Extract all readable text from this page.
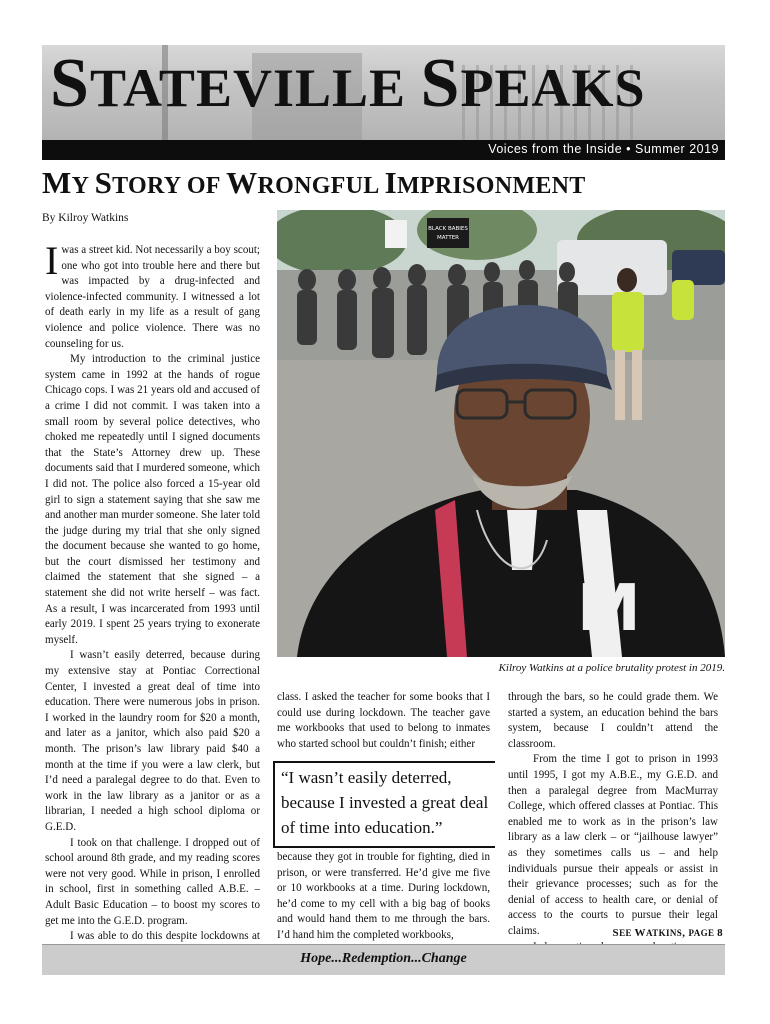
STATEVILLE SPEAKS
Voices from the Inside • Summer 2019
MY STORY OF WRONGFUL IMPRISONMENT
By Kilroy Watkins

Iwas a street kid. Not necessarily a boy scout; one who got into trouble here and there but was impacted by a drug-infected and violence-infected community. I witnessed a lot of death early in my life as a result of gang violence and police violence. There was no counseling for us.

My introduction to the criminal justice system came in 1992 at the hands of rogue Chicago cops. I was 21 years old and accused of a crime I did not commit. I was taken into a small room by several police detectives, who choked me repeatedly until I signed documents that the State’s Attorney drew up. These documents said that I murdered someone, which I did not. The police also forced a 15-year old girl to sign a statement saying that she saw me and another man murder someone. She later told the judge during my trial that she only signed the document because she wanted to go home, but the court dismissed her testimony and claimed the statement that she signed – a statement she did not write herself – was fact. As a result, I was incarcerated from 1993 until early 2019. I spent 25 years trying to exonerate myself.

I wasn’t easily deterred, because during my extensive stay at Pontiac Correctional Center, I invested a great deal of time into education. There were numerous jobs in prison. I worked in the laundry room for $20 a month, and later as a janitor, which also paid $20 a month. The prison’s law library paid $40 a month at the time if you were a law clerk, but I’d need a paralegal degree to do that. Even to work in the law library as a janitor or as a librarian, I needed a high school diploma or G.E.D.

I took on that challenge. I dropped out of school around 8th grade, and my reading scores were not very good. While in prison, I enrolled in school, first in something called A.B.E. – Adult Basic Education – to boost my scores to get me into the G.E.D. program.

I was able to do this despite lockdowns at

BLACK BABIES
MATTER
M
Kilroy Watkins at a police brutality protest in 2019.

class. I asked the teacher for some books that I could use during lockdown. The teacher gave me workbooks that used to belong to inmates who started school but couldn’t finish; either

“I wasn’t easily deterred, because I invested a great deal of time into education.”

because they got in trouble for fighting, died in prison, or were transferred. He’d give me five or 10 workbooks at a time. During lockdown, he’d come to my cell with a big bag of books and would hand them to me through the bars. I’d hand him the completed workbooks,

through the bars, so he could grade them. We started a system, an education behind the bars system, because I couldn’t attend the classroom.

From the time I got to prison in 1993 until 1995, I got my A.B.E., my G.E.D. and then a paralegal degree from MacMurray College, which offered classes at Pontiac. This enabled me to work as in the prison’s law library as a law clerk – or “jailhouse lawyer” as they sometimes calls us – and help individuals pursue their appeals or assist in their grievance processes; such as for the denial of access to health care, or denial of access to the courts to pursue their legal claims.	SEE WATKINS, PAGE 8
Hope...Redemption...Change
